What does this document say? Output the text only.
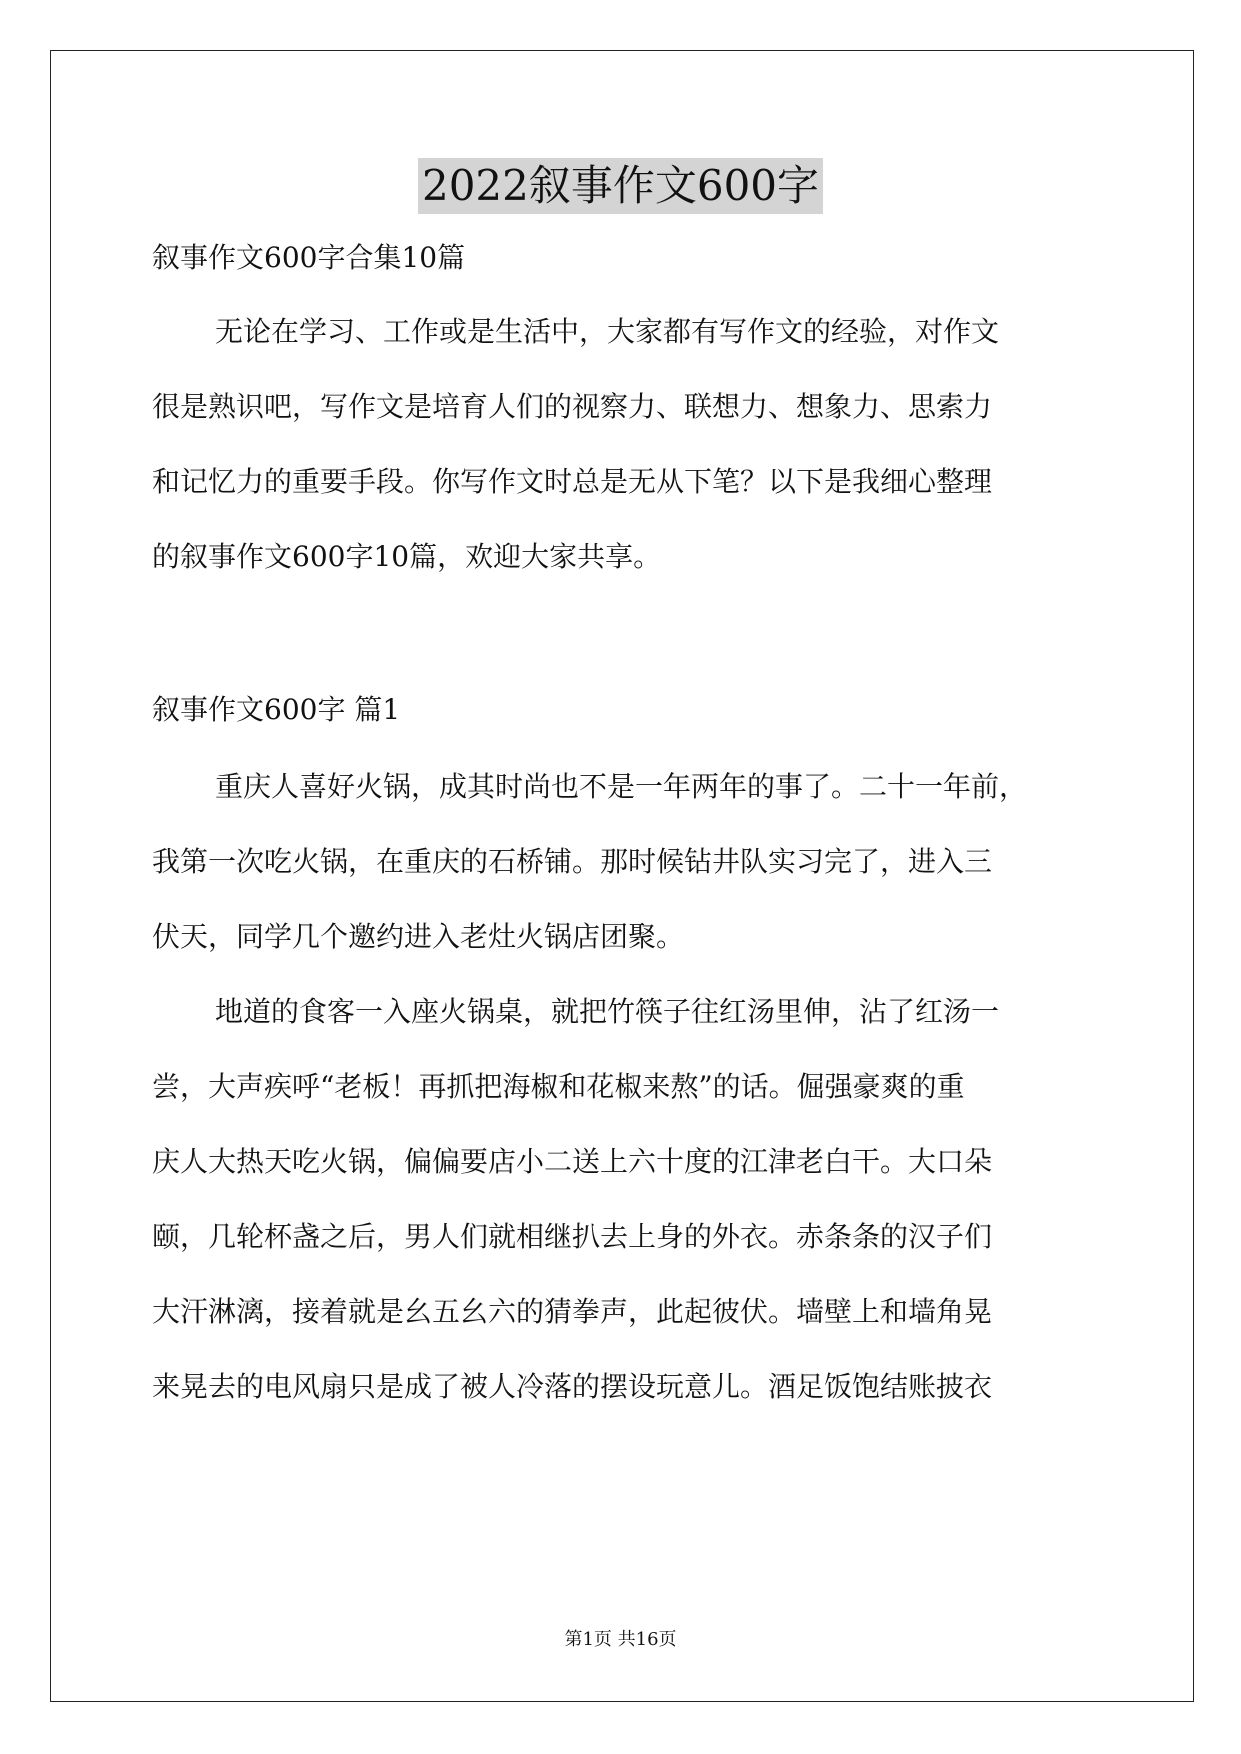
2022叙事作文600字
叙事作文600字合集10篇
无论在学习、工作或是生活中，大家都有写作文的经验，对作文
很是熟识吧，写作文是培育人们的视察力、联想力、想象力、思索力
和记忆力的重要手段。你写作文时总是无从下笔？以下是我细心整理
的叙事作文600字10篇，欢迎大家共享。
叙事作文600字 篇1
重庆人喜好火锅，成其时尚也不是一年两年的事了。二十一年前，
我第一次吃火锅，在重庆的石桥铺。那时候钻井队实习完了，进入三
伏天，同学几个邀约进入老灶火锅店团聚。
地道的食客一入座火锅桌，就把竹筷子往红汤里伸，沾了红汤一
尝，大声疾呼“老板！再抓把海椒和花椒来熬”的话。倔强豪爽的重
庆人大热天吃火锅，偏偏要店小二送上六十度的江津老白干。大口朵
颐，几轮杯盏之后，男人们就相继扒去上身的外衣。赤条条的汉子们
大汗淋漓，接着就是幺五幺六的猜拳声，此起彼伏。墙壁上和墙角晃
来晃去的电风扇只是成了被人冷落的摆设玩意儿。酒足饭饱结账披衣
第1页 共16页
